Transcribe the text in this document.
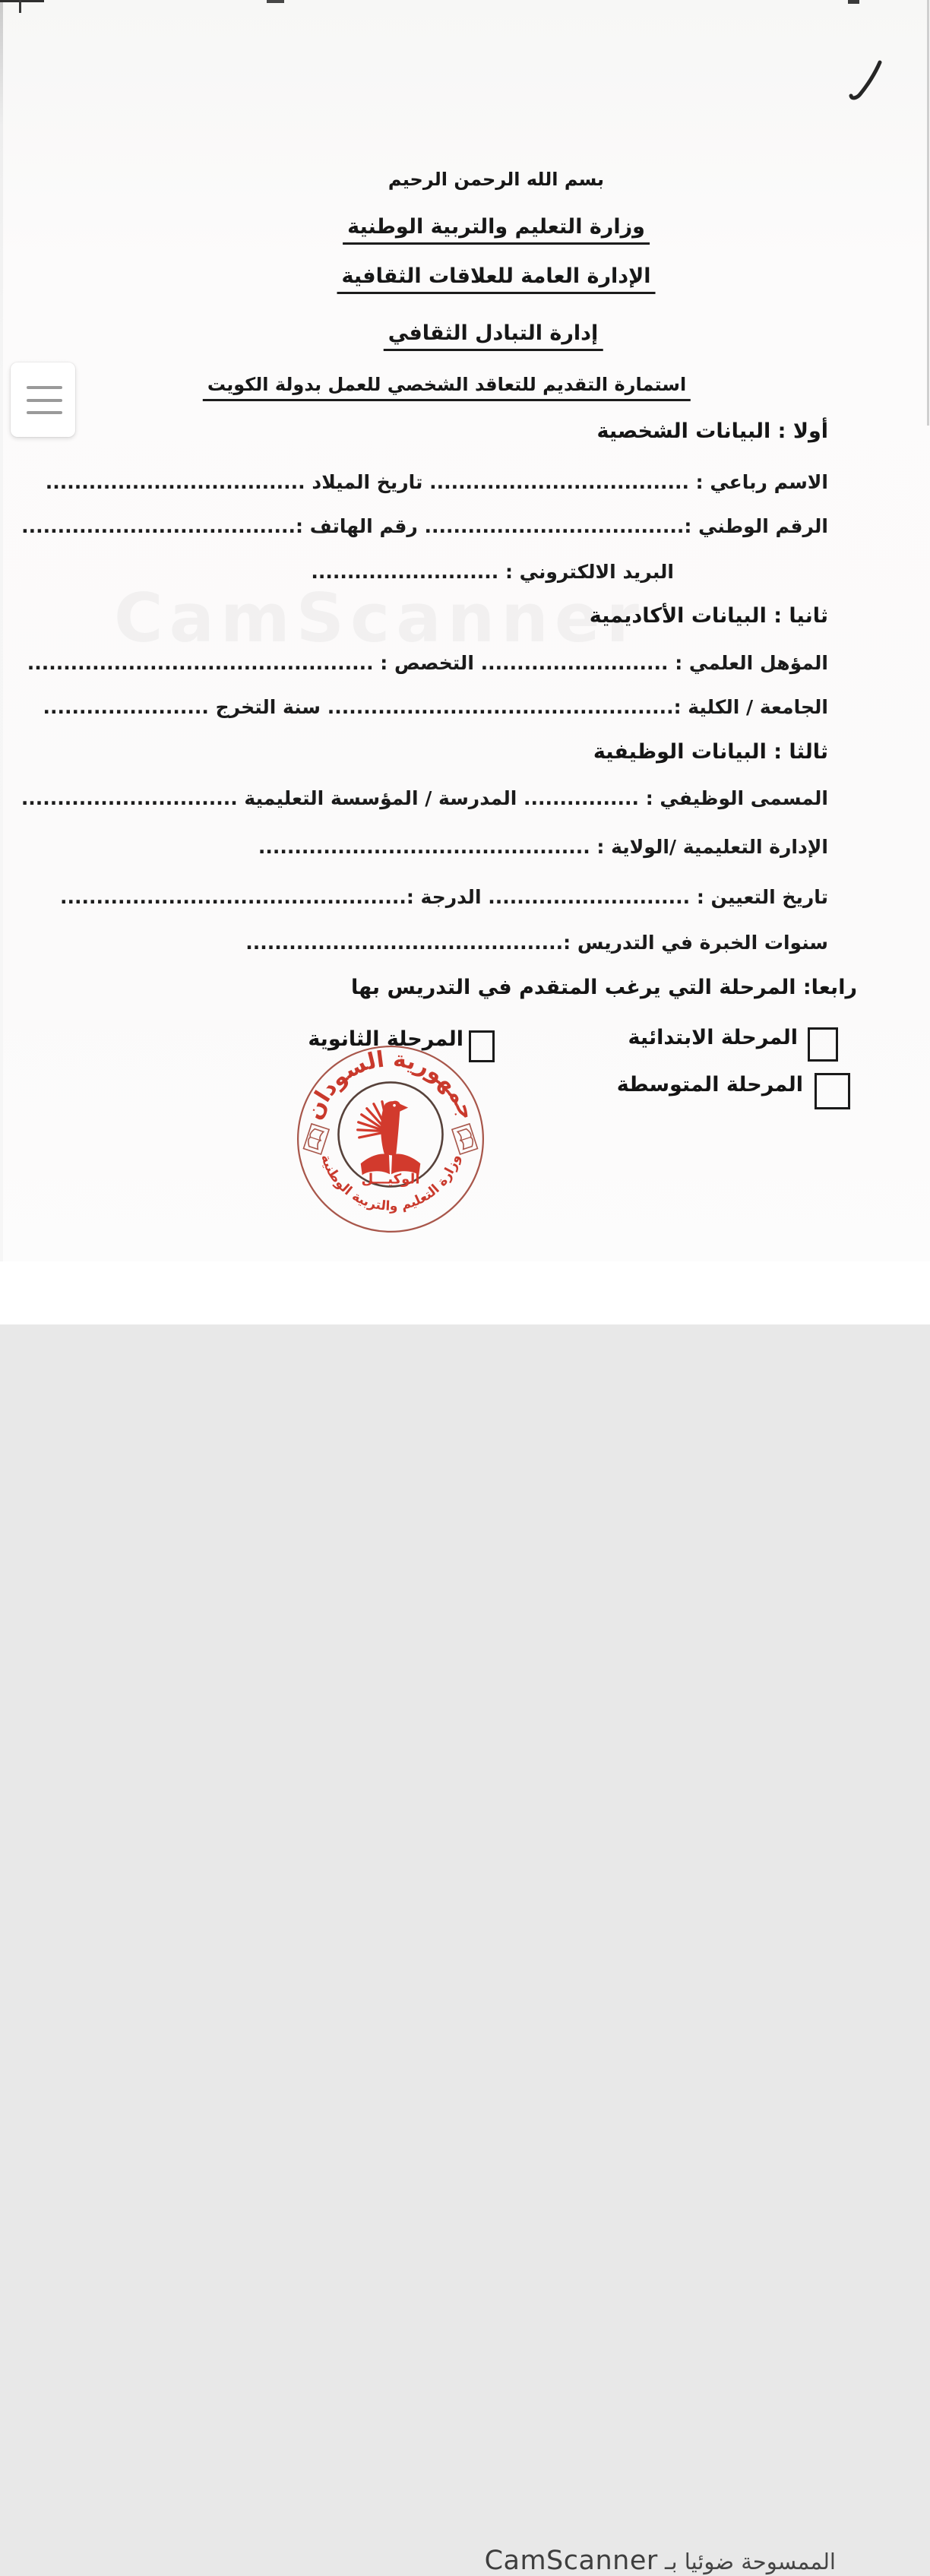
CamScanner
بسم الله الرحمن الرحيم
وزارة التعليم والتربية الوطنية
الإدارة العامة للعلاقات الثقافية
إدارة التبادل الثقافي
استمارة التقديم للتعاقد الشخصي للعمل بدولة الكويت
أولا : البيانات الشخصية
الاسم رباعي : .................................... تاريخ الميلاد ....................................
الرقم الوطني :.................................... رقم الهاتف :......................................
البريد الالكتروني : ..........................
ثانيا : البيانات الأكاديمية
المؤهل العلمي : .......................... التخصص : ................................................
الجامعة / الكلية :................................................ سنة التخرج .......................
ثالثا : البيانات الوظيفية
المسمى الوظيفي : ................ المدرسة / المؤسسة التعليمية ..............................
الإدارة التعليمية /الولاية : ..............................................
تاريخ التعيين : ............................ الدرجة :................................................
سنوات الخبرة في التدريس :............................................
رابعا: المرحلة التي يرغب المتقدم في التدريس بها
المرحلة الابتدائية
المرحلة الثانوية
المرحلة المتوسطة
جمهورية السودان
وزارة التعليم والتربية الوطنية
الوكيـــل
الممسوحة ضوئيا بـ CamScanner
